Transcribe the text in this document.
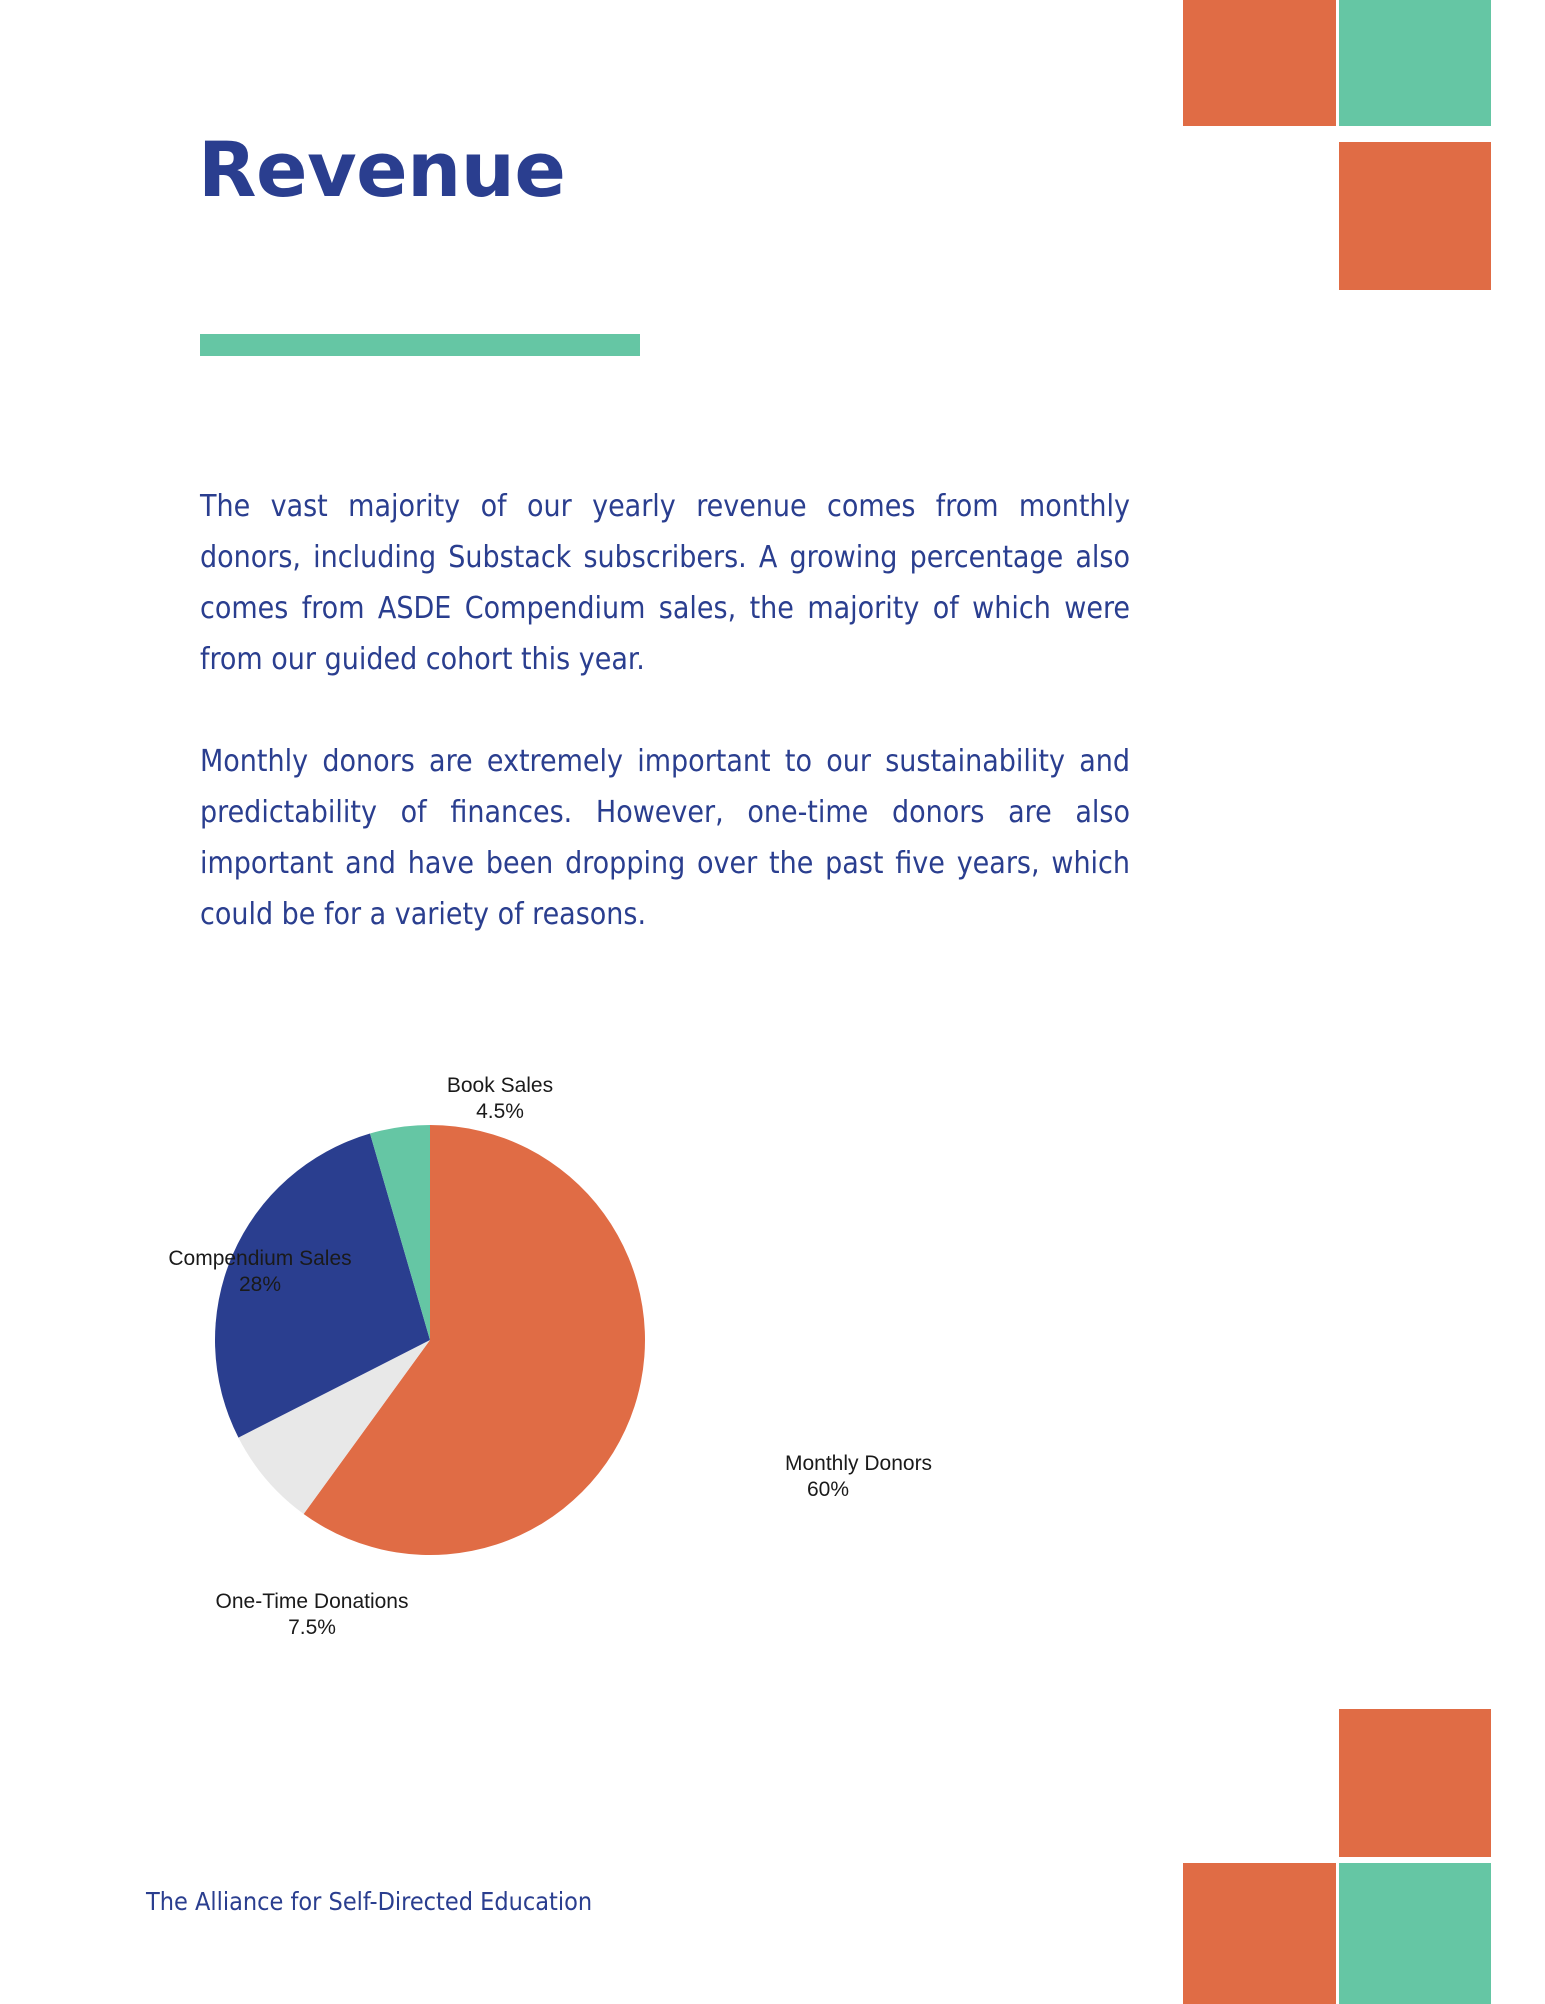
Revenue

The vast majority of our yearly revenue comes from monthly donors, including Substack subscribers. A growing percentage also comes from ASDE Compendium sales, the majority of which were from our guided cohort this year.

Monthly donors are extremely important to our sustainability and predictability of finances. However, one-time donors are also important and have been dropping over the past five years, which could be for a variety of reasons.

Monthly Donors
60%
One-Time Donations
7.5%
Compendium Sales
28%
Book Sales
4.5%
The Alliance for Self-Directed Education
